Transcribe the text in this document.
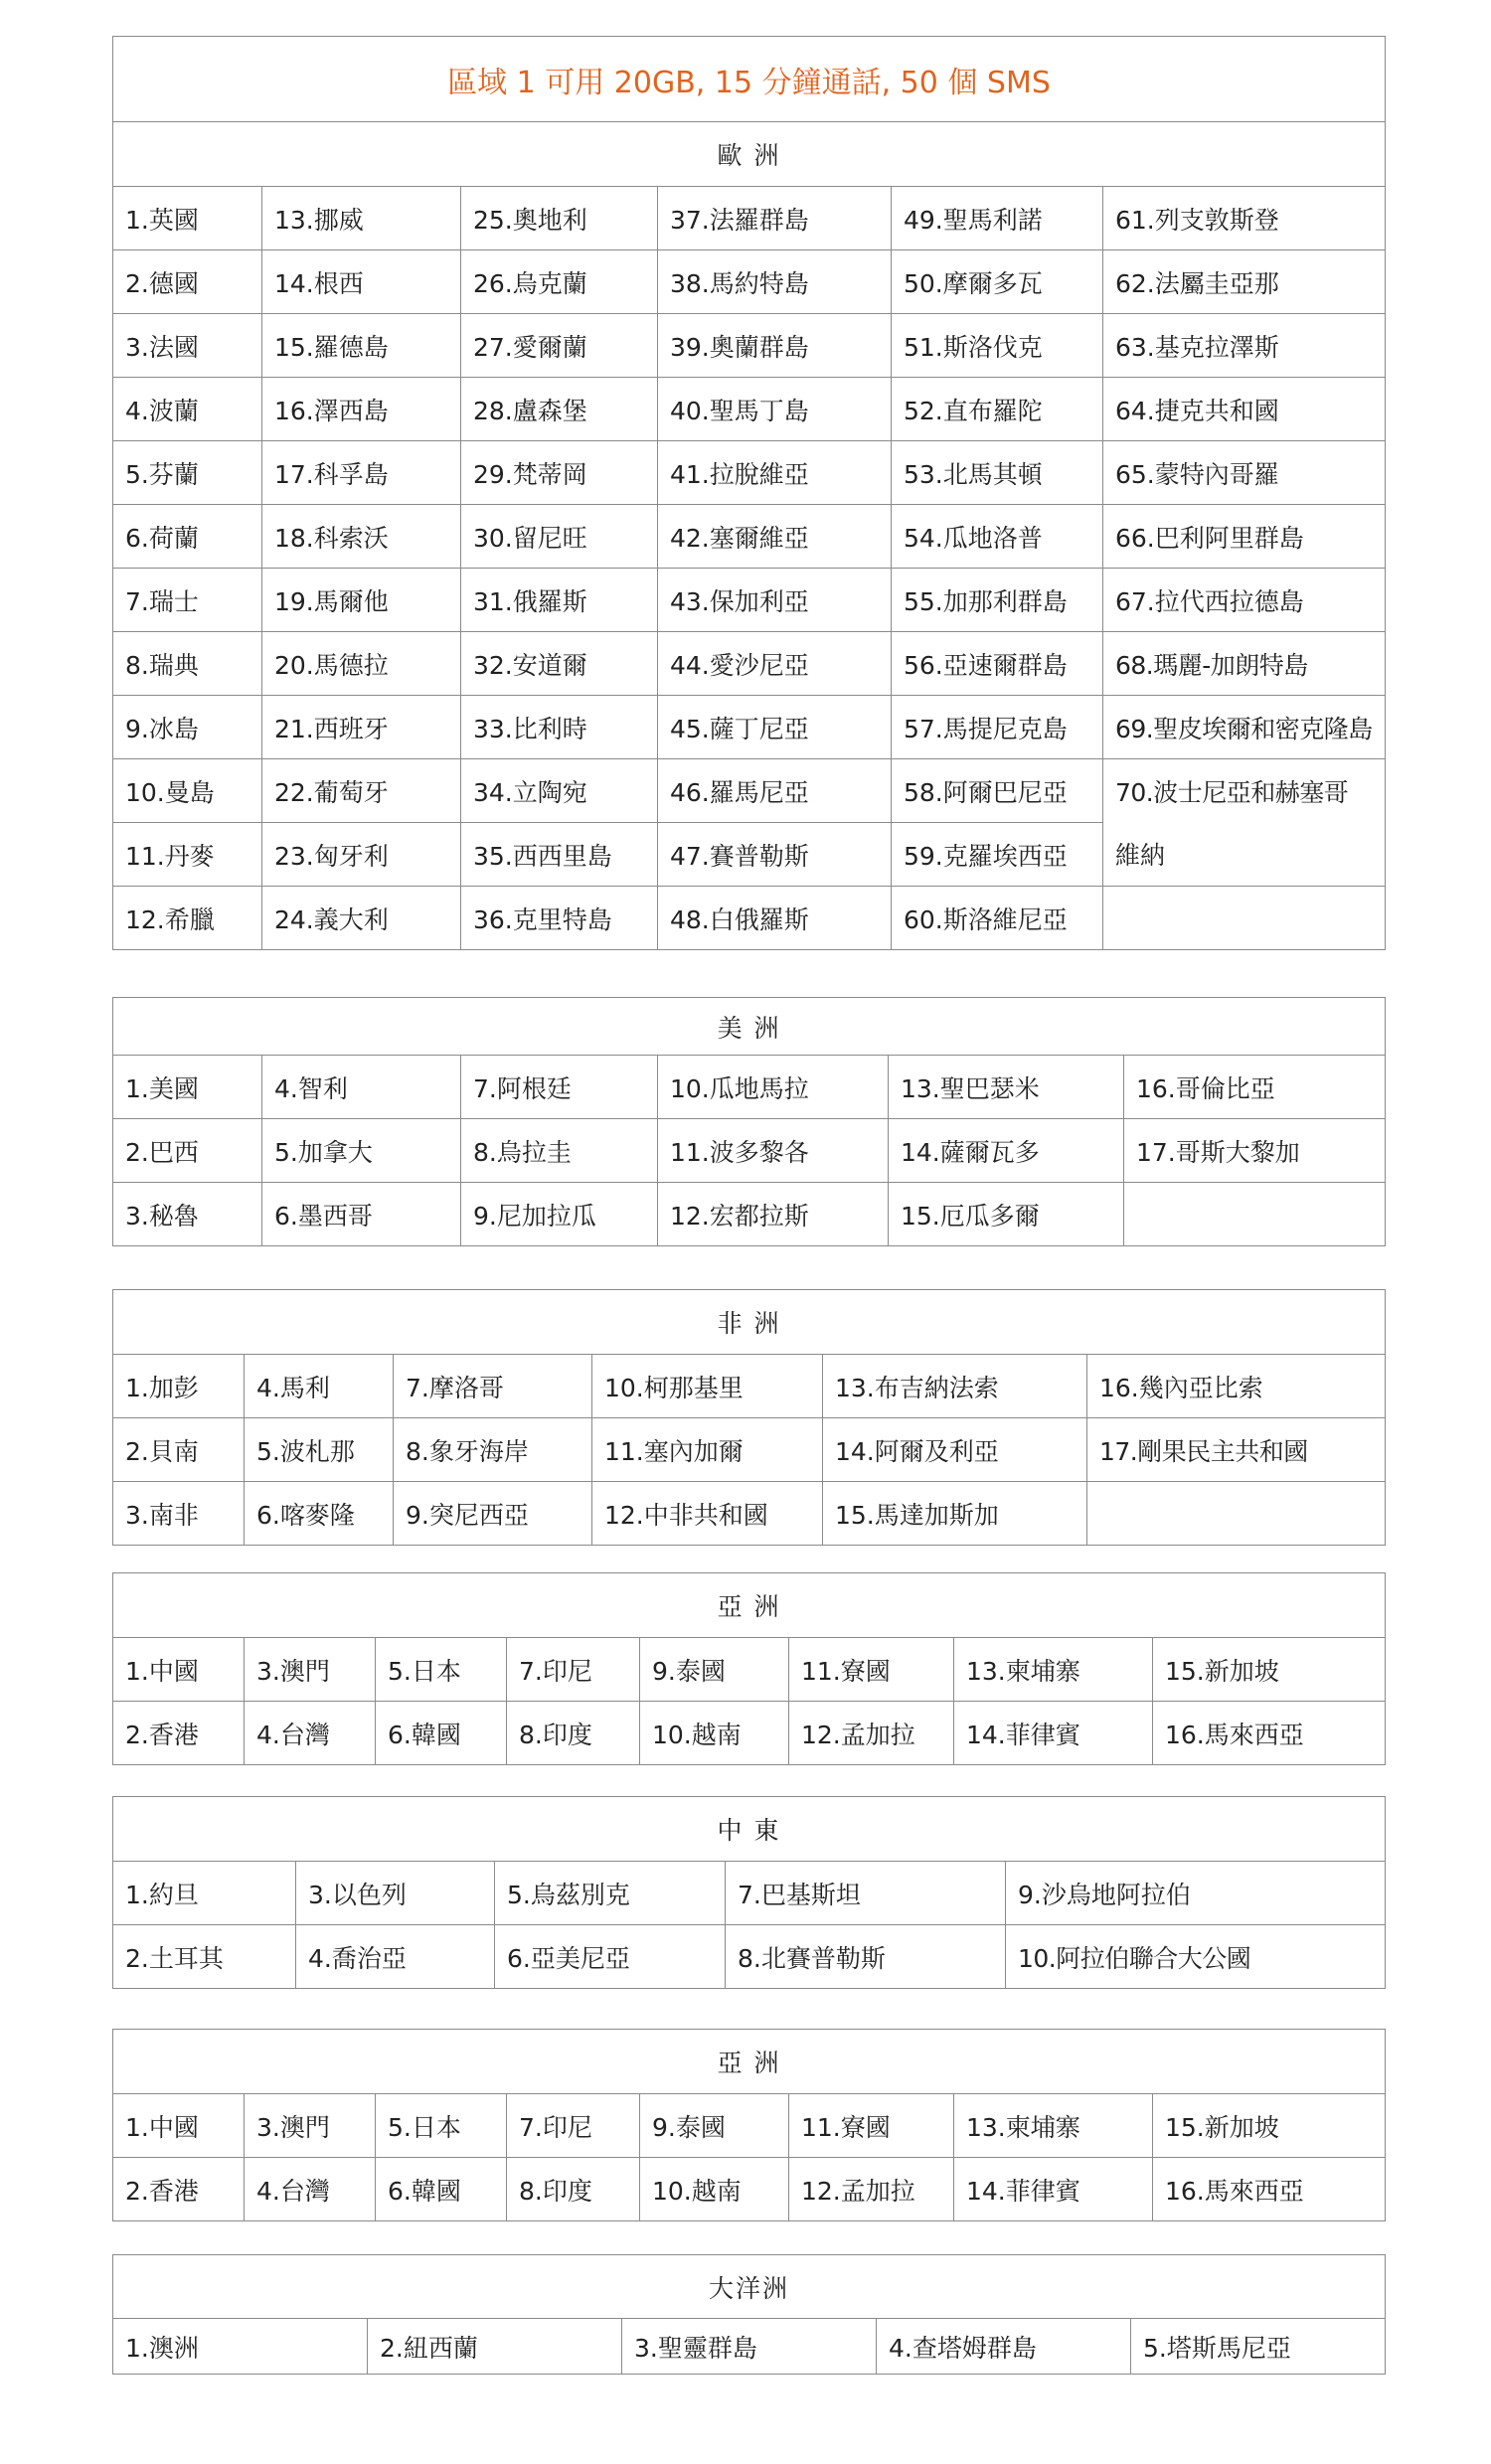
區域 1 可用 20GB, 15 分鐘通話, 50 個 SMS					
歐 洲					
1.英國	13.挪威	25.奧地利	37.法羅群島	49.聖馬利諾	61.列支敦斯登
2.德國	14.根西	26.烏克蘭	38.馬約特島	50.摩爾多瓦	62.法屬圭亞那
3.法國	15.羅德島	27.愛爾蘭	39.奧蘭群島	51.斯洛伐克	63.基克拉澤斯
4.波蘭	16.澤西島	28.盧森堡	40.聖馬丁島	52.直布羅陀	64.捷克共和國
5.芬蘭	17.科孚島	29.梵蒂岡	41.拉脫維亞	53.北馬其頓	65.蒙特內哥羅
6.荷蘭	18.科索沃	30.留尼旺	42.塞爾維亞	54.瓜地洛普	66.巴利阿里群島
7.瑞士	19.馬爾他	31.俄羅斯	43.保加利亞	55.加那利群島	67.拉代西拉德島
8.瑞典	20.馬德拉	32.安道爾	44.愛沙尼亞	56.亞速爾群島	68.瑪麗-加朗特島
9.冰島	21.西班牙	33.比利時	45.薩丁尼亞	57.馬提尼克島	69.聖皮埃爾和密克隆島
10.曼島	22.葡萄牙	34.立陶宛	46.羅馬尼亞	58.阿爾巴尼亞	70.波士尼亞和赫塞哥
11.丹麥	23.匈牙利	35.西西里島	47.賽普勒斯	59.克羅埃西亞	維納
12.希臘	24.義大利	36.克里特島	48.白俄羅斯	60.斯洛維尼亞	
美 洲					
1.美國	4.智利	7.阿根廷	10.瓜地馬拉	13.聖巴瑟米	16.哥倫比亞
2.巴西	5.加拿大	8.烏拉圭	11.波多黎各	14.薩爾瓦多	17.哥斯大黎加
3.秘魯	6.墨西哥	9.尼加拉瓜	12.宏都拉斯	15.厄瓜多爾	
非 洲					
1.加彭	4.馬利	7.摩洛哥	10.柯那基里	13.布吉納法索	16.幾內亞比索
2.貝南	5.波札那	8.象牙海岸	11.塞內加爾	14.阿爾及利亞	17.剛果民主共和國
3.南非	6.喀麥隆	9.突尼西亞	12.中非共和國	15.馬達加斯加	
亞 洲							
1.中國	3.澳門	5.日本	7.印尼	9.泰國	11.寮國	13.柬埔寨	15.新加坡
2.香港	4.台灣	6.韓國	8.印度	10.越南	12.孟加拉	14.菲律賓	16.馬來西亞
中 東				
1.約旦	3.以色列	5.烏茲別克	7.巴基斯坦	9.沙烏地阿拉伯
2.土耳其	4.喬治亞	6.亞美尼亞	8.北賽普勒斯	10.阿拉伯聯合大公國
亞 洲							
1.中國	3.澳門	5.日本	7.印尼	9.泰國	11.寮國	13.柬埔寨	15.新加坡
2.香港	4.台灣	6.韓國	8.印度	10.越南	12.孟加拉	14.菲律賓	16.馬來西亞
大洋洲
1.澳洲	2.紐西蘭	3.聖靈群島	4.查塔姆群島	5.塔斯馬尼亞
